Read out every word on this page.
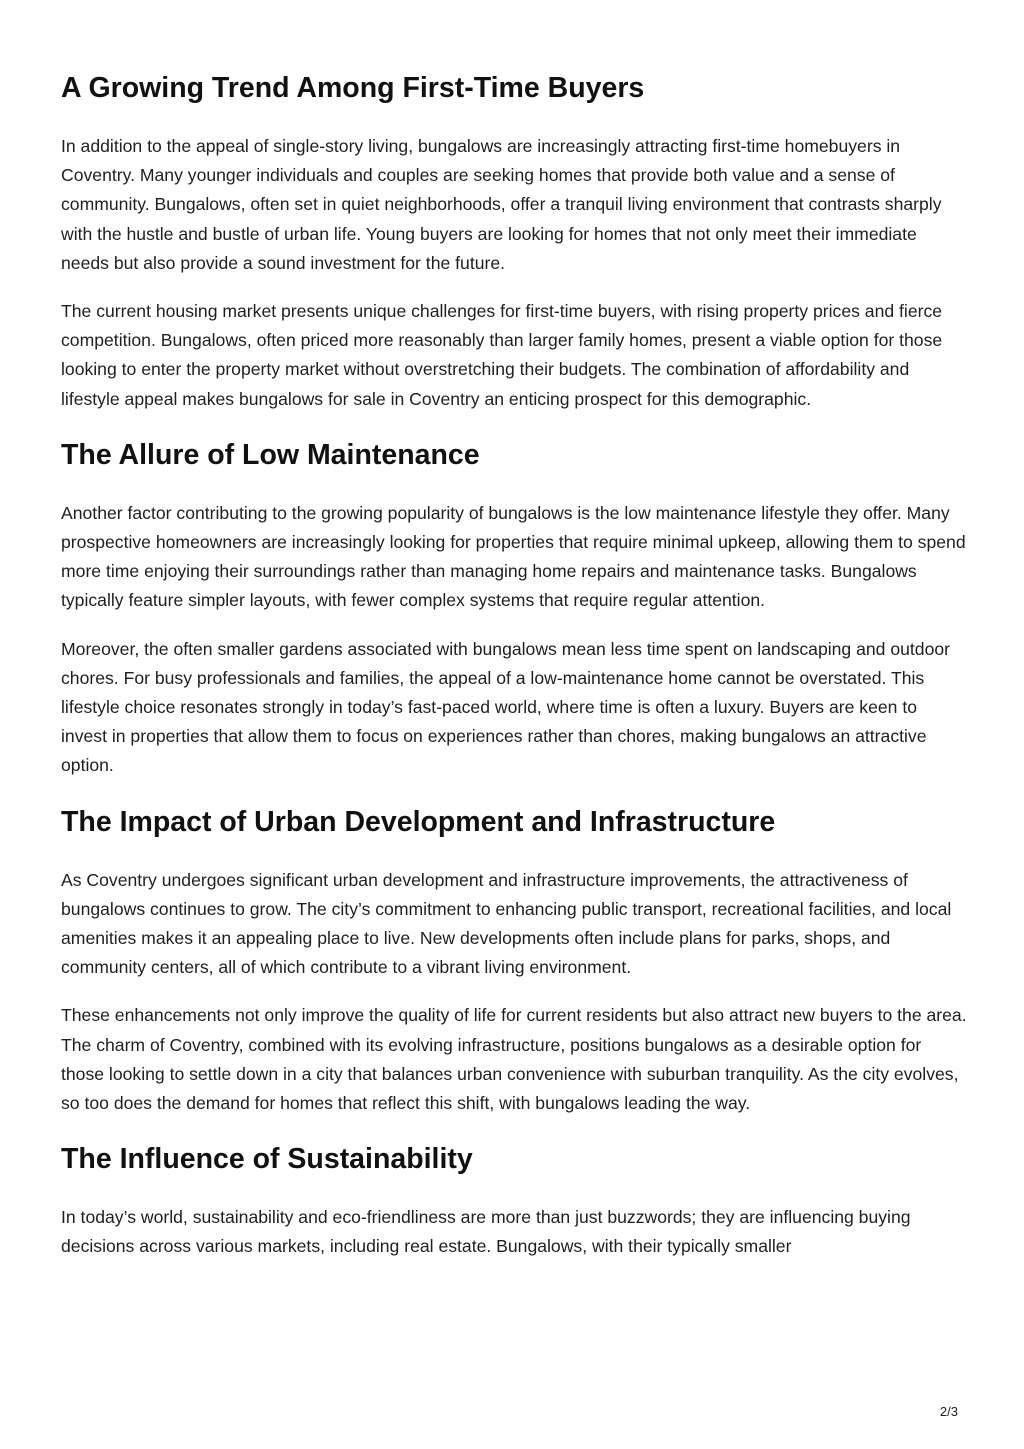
A Growing Trend Among First-Time Buyers

In addition to the appeal of single-story living, bungalows are increasingly attracting first-time homebuyers in Coventry. Many younger individuals and couples are seeking homes that provide both value and a sense of community. Bungalows, often set in quiet neighborhoods, offer a tranquil living environment that contrasts sharply with the hustle and bustle of urban life. Young buyers are looking for homes that not only meet their immediate needs but also provide a sound investment for the future.

The current housing market presents unique challenges for first-time buyers, with rising property prices and fierce competition. Bungalows, often priced more reasonably than larger family homes, present a viable option for those looking to enter the property market without overstretching their budgets. The combination of affordability and lifestyle appeal makes bungalows for sale in Coventry an enticing prospect for this demographic.

The Allure of Low Maintenance

Another factor contributing to the growing popularity of bungalows is the low maintenance lifestyle they offer. Many prospective homeowners are increasingly looking for properties that require minimal upkeep, allowing them to spend more time enjoying their surroundings rather than managing home repairs and maintenance tasks. Bungalows typically feature simpler layouts, with fewer complex systems that require regular attention.

Moreover, the often smaller gardens associated with bungalows mean less time spent on landscaping and outdoor chores. For busy professionals and families, the appeal of a low-maintenance home cannot be overstated. This lifestyle choice resonates strongly in today’s fast-paced world, where time is often a luxury. Buyers are keen to invest in properties that allow them to focus on experiences rather than chores, making bungalows an attractive option.

The Impact of Urban Development and Infrastructure

As Coventry undergoes significant urban development and infrastructure improvements, the attractiveness of bungalows continues to grow. The city’s commitment to enhancing public transport, recreational facilities, and local amenities makes it an appealing place to live. New developments often include plans for parks, shops, and community centers, all of which contribute to a vibrant living environment.

These enhancements not only improve the quality of life for current residents but also attract new buyers to the area. The charm of Coventry, combined with its evolving infrastructure, positions bungalows as a desirable option for those looking to settle down in a city that balances urban convenience with suburban tranquility. As the city evolves, so too does the demand for homes that reflect this shift, with bungalows leading the way.

The Influence of Sustainability

In today’s world, sustainability and eco-friendliness are more than just buzzwords; they are influencing buying decisions across various markets, including real estate. Bungalows, with their typically smaller

2/3
